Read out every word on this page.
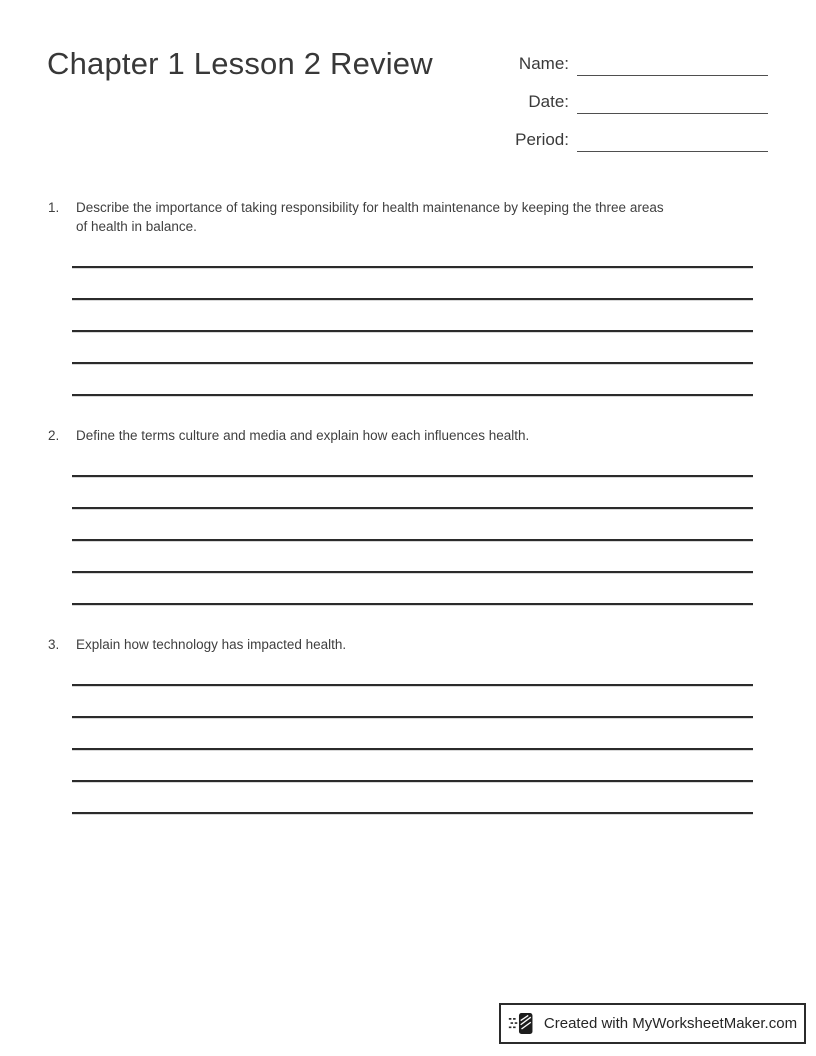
Chapter 1 Lesson 2 Review	Name:
Date:
Period:
1.	Describe the importance of taking responsibility for health maintenance by keeping the three areas
of health in balance.
2.	Define the terms culture and media and explain how each influences health.
3.	Explain how technology has impacted health.
Created with MyWorksheetMaker.com
